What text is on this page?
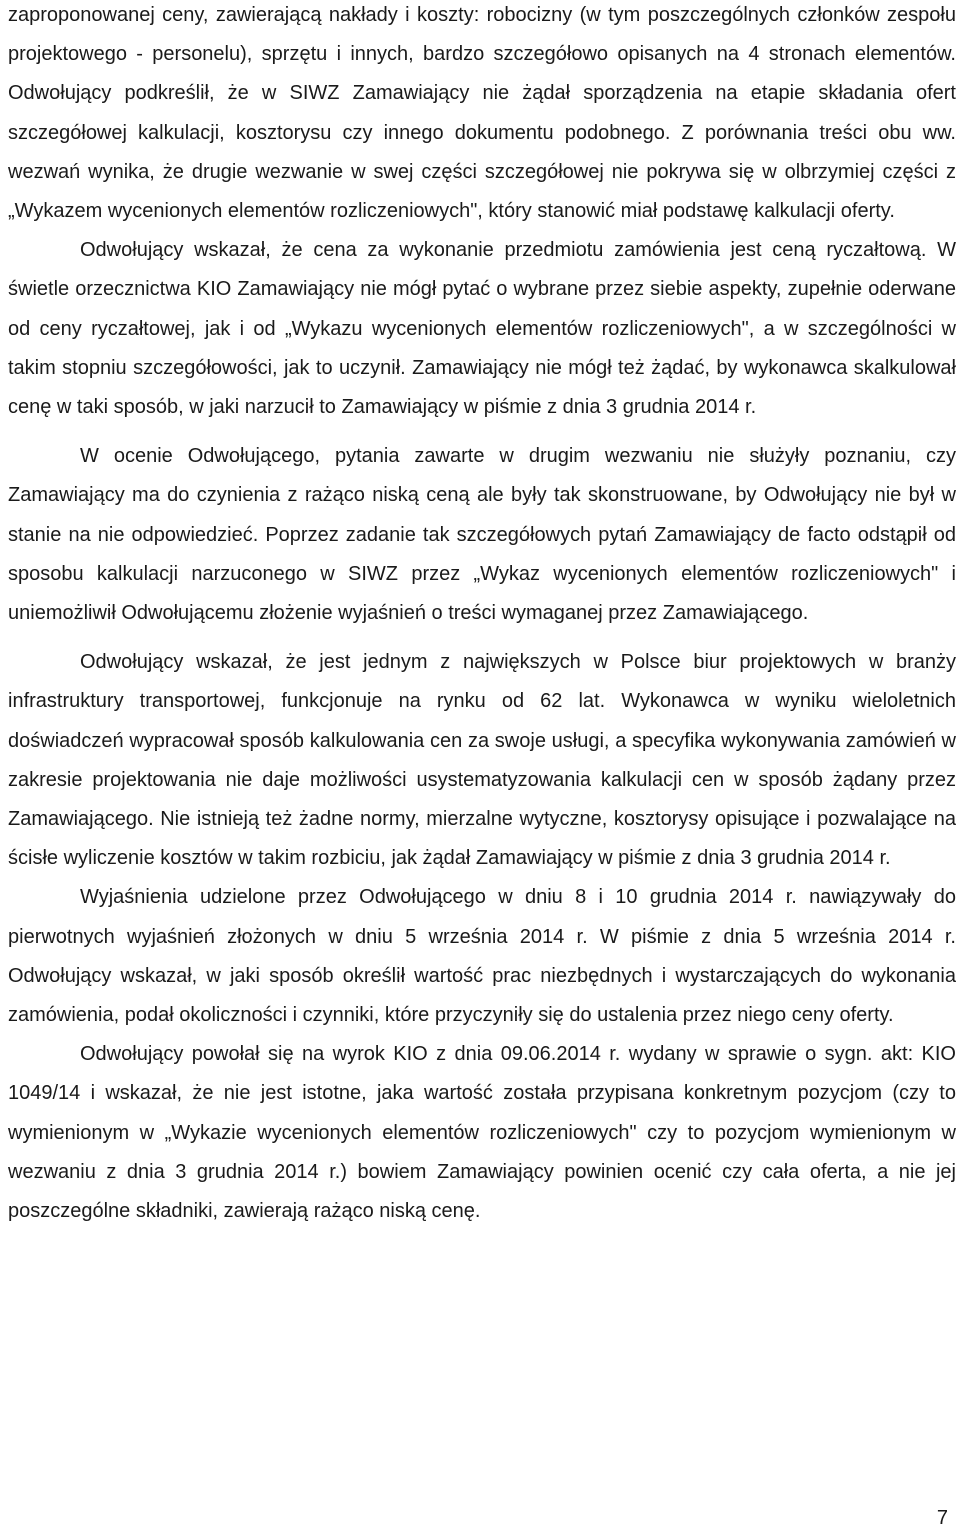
zaproponowanej ceny, zawierającą nakłady i koszty: robocizny (w tym poszczególnych członków zespołu projektowego - personelu), sprzętu i innych, bardzo szczegółowo opisanych na 4 stronach elementów. Odwołujący podkreślił, że w SIWZ Zamawiający nie żądał sporządzenia na etapie składania ofert szczegółowej kalkulacji, kosztorysu czy innego dokumentu podobnego. Z porównania treści obu ww. wezwań wynika, że drugie wezwanie w swej części szczegółowej nie pokrywa się w olbrzymiej części z „Wykazem wycenionych elementów rozliczeniowych", który stanowić miał podstawę kalkulacji oferty.

Odwołujący wskazał, że cena za wykonanie przedmiotu zamówienia jest ceną ryczałtową. W świetle orzecznictwa KIO Zamawiający nie mógł pytać o wybrane przez siebie aspekty, zupełnie oderwane od ceny ryczałtowej, jak i od „Wykazu wycenionych elementów rozliczeniowych", a w szczególności w takim stopniu szczegółowości, jak to uczynił. Zamawiający nie mógł też żądać, by wykonawca skalkulował cenę w taki sposób, w jaki narzucił to Zamawiający w piśmie z dnia 3 grudnia 2014 r.

W ocenie Odwołującego, pytania zawarte w drugim wezwaniu nie służyły poznaniu, czy Zamawiający ma do czynienia z rażąco niską ceną ale były tak skonstruowane, by Odwołujący nie był w stanie na nie odpowiedzieć. Poprzez zadanie tak szczegółowych pytań Zamawiający de facto odstąpił od sposobu kalkulacji narzuconego w SIWZ przez „Wykaz wycenionych elementów rozliczeniowych" i uniemożliwił Odwołującemu złożenie wyjaśnień o treści wymaganej przez Zamawiającego.

Odwołujący wskazał, że jest jednym z największych w Polsce biur projektowych w branży infrastruktury transportowej, funkcjonuje na rynku od 62 lat. Wykonawca w wyniku wieloletnich doświadczeń wypracował sposób kalkulowania cen za swoje usługi, a specyfika wykonywania zamówień w zakresie projektowania nie daje możliwości usystematyzowania kalkulacji cen w sposób żądany przez Zamawiającego. Nie istnieją też żadne normy, mierzalne wytyczne, kosztorysy opisujące i pozwalające na ścisłe wyliczenie kosztów w takim rozbiciu, jak żądał Zamawiający w piśmie z dnia 3 grudnia 2014 r.

Wyjaśnienia udzielone przez Odwołującego w dniu 8 i 10 grudnia 2014 r. nawiązywały do pierwotnych wyjaśnień złożonych w dniu 5 września 2014 r. W piśmie z dnia 5 września 2014 r. Odwołujący wskazał, w jaki sposób określił wartość prac niezbędnych i wystarczających do wykonania zamówienia, podał okoliczności i czynniki, które przyczyniły się do ustalenia przez niego ceny oferty.

Odwołujący powołał się na wyrok KIO z dnia 09.06.2014 r. wydany w sprawie o sygn. akt: KIO 1049/14 i wskazał, że nie jest istotne, jaka wartość została przypisana konkretnym pozycjom (czy to wymienionym w „Wykazie wycenionych elementów rozliczeniowych" czy to pozycjom wymienionym w wezwaniu z dnia 3 grudnia 2014 r.) bowiem Zamawiający powinien ocenić czy cała oferta, a nie jej poszczególne składniki, zawierają rażąco niską cenę.

7
